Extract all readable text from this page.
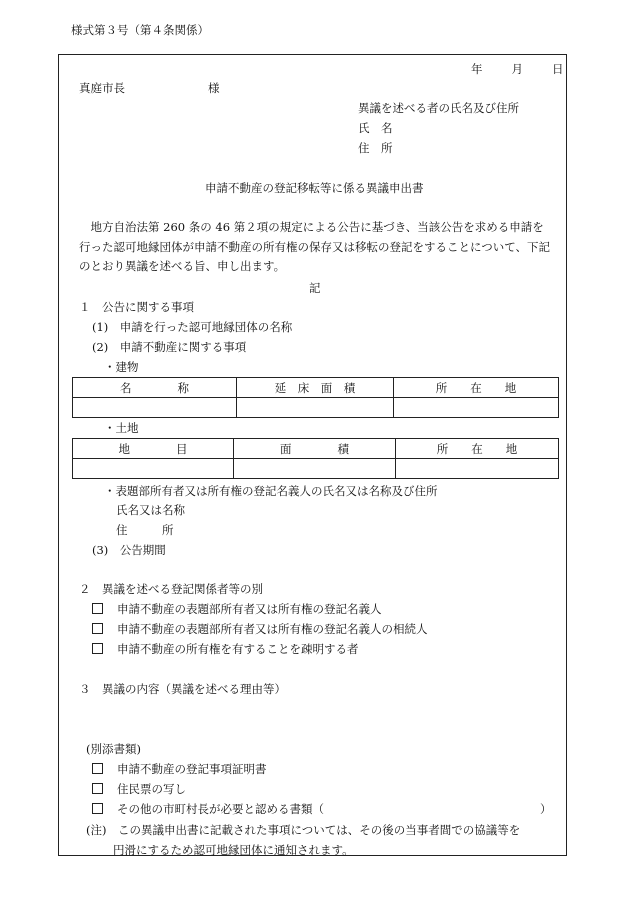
様式第３号（第４条関係）
年　　月　　日
真庭市長	様
異議を述べる者の氏名及び住所
氏　名
住　所
申請不動産の登記移転等に係る異議申出書
地方自治法第 260 条の 46 第２項の規定による公告に基づき、当該公告を求める申請を行った認可地縁団体が申請不動産の所有権の保存又は移転の登記をすることについて、下記のとおり異議を述べる旨、申し出ます。
記
１　公告に関する事項
(1)　申請を行った認可地縁団体の名称
(2)　申請不動産に関する事項
・建物
名　　　　称	延　床　面　積	所　　在　　地

・土地
地　　　　目	面　　　　積	所　　在　　地

・表題部所有者又は所有権の登記名義人の氏名又は名称及び住所
氏名又は名称
住　　　所
(3)　公告期間
２　異議を述べる登記関係者等の別
申請不動産の表題部所有者又は所有権の登記名義人
申請不動産の表題部所有者又は所有権の登記名義人の相続人
申請不動産の所有権を有することを疎明する者
３　異議の内容（異議を述べる理由等）
(別添書類)
申請不動産の登記事項証明書
住民票の写し
その他の市町村長が必要と認める書類（	）
(注)　この異議申出書に記載された事項については、その後の当事者間での協議等を
円滑にするため認可地縁団体に通知されます。
